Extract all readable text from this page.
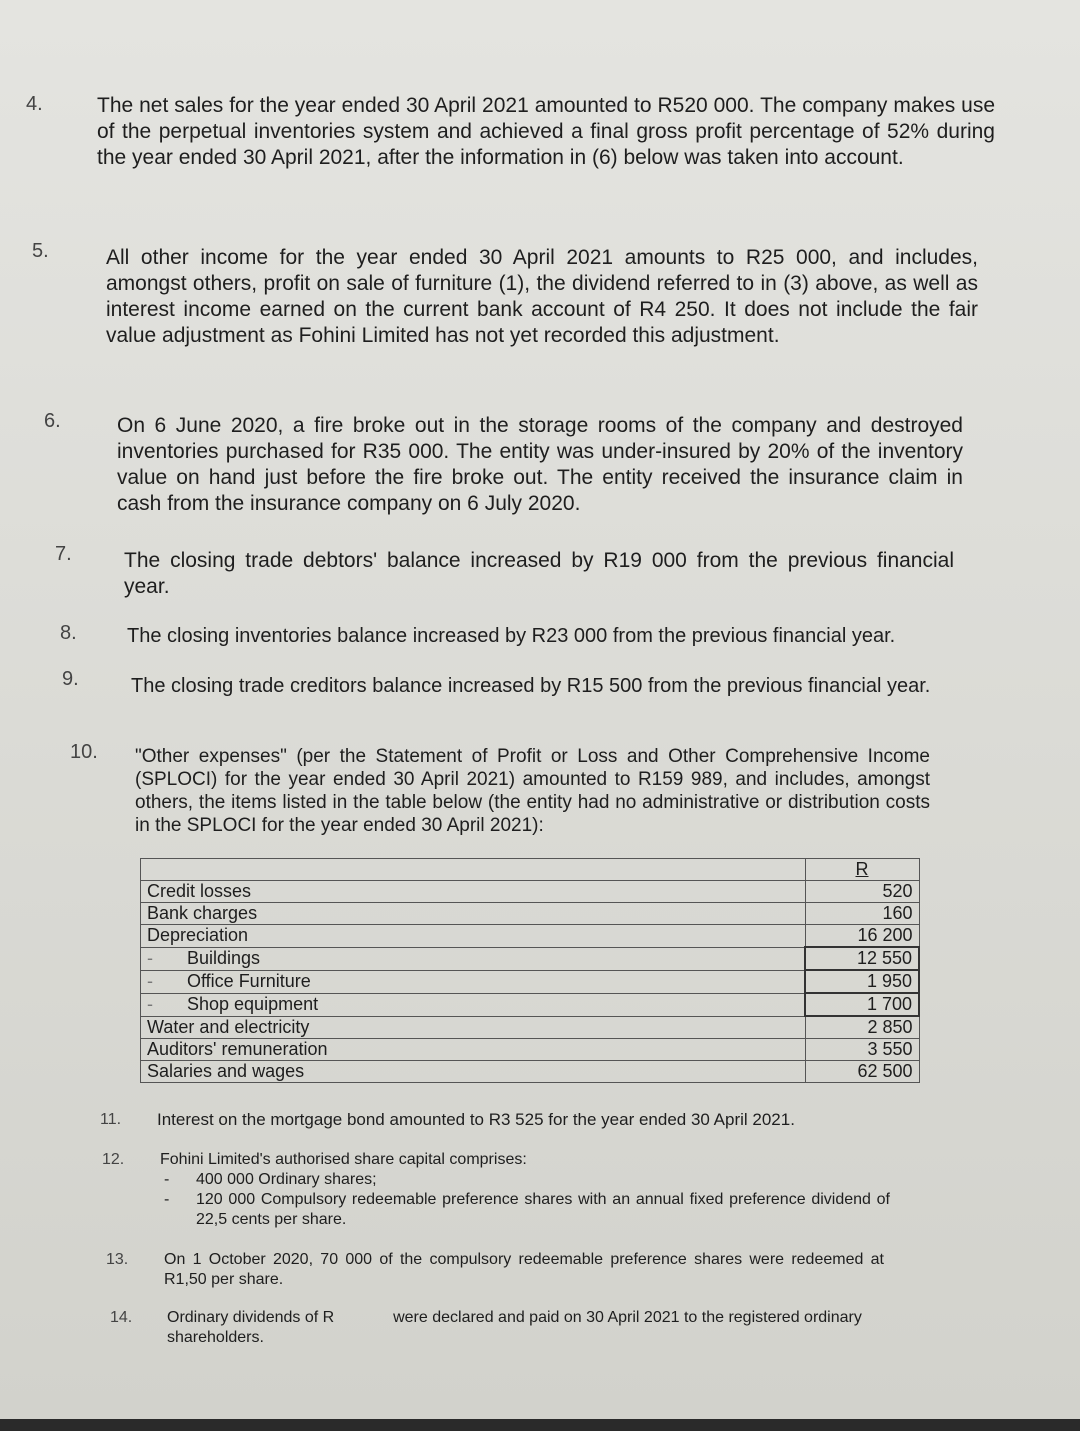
4.	The net sales for the year ended 30 April 2021 amounted to R520 000. The company makes use of the perpetual inventories system and achieved a final gross profit percentage of 52% during the year ended 30 April 2021, after the information in (6) below was taken into account.
5.	All other income for the year ended 30 April 2021 amounts to R25 000, and includes, amongst others, profit on sale of furniture (1), the dividend referred to in (3) above, as well as interest income earned on the current bank account of R4 250. It does not include the fair value adjustment as Fohini Limited has not yet recorded this adjustment.
6.	On 6 June 2020, a fire broke out in the storage rooms of the company and destroyed inventories purchased for R35 000. The entity was under-insured by 20% of the inventory value on hand just before the fire broke out. The entity received the insurance claim in cash from the insurance company on 6 July 2020.
7. The closing trade debtors' balance increased by R19 000 from the previous financial year.
8.	The closing inventories balance increased by R23 000 from the previous financial year.
9.	The closing trade creditors balance increased by R15 500 from the previous financial year.
10. "Other expenses" (per the Statement of Profit or Loss and Other Comprehensive Income (SPLOCI) for the year ended 30 April 2021) amounted to R159 989, and includes, amongst others, the items listed in the table below (the entity had no administrative or distribution costs in the SPLOCI for the year ended 30 April 2021):
	R
Credit losses	520
Bank charges	160
Depreciation	16 200
- Buildings	12 550
- Office Furniture	1 950
- Shop equipment	1 700
Water and electricity	2 850
Auditors' remuneration	3 550
Salaries and wages	62 500
11. Interest on the mortgage bond amounted to R3 525 for the year ended 30 April 2021.
12. Fohini Limited's authorised share capital comprises:
- 400 000 Ordinary shares;
- 120 000 Compulsory redeemable preference shares with an annual fixed preference dividend of 22,5 cents per share.
13. On 1 October 2020, 70 000 of the compulsory redeemable preference shares were redeemed at R1,50 per share.
14. Ordinary dividends of R	were declared and paid on 30 April 2021 to the registered ordinary shareholders.
